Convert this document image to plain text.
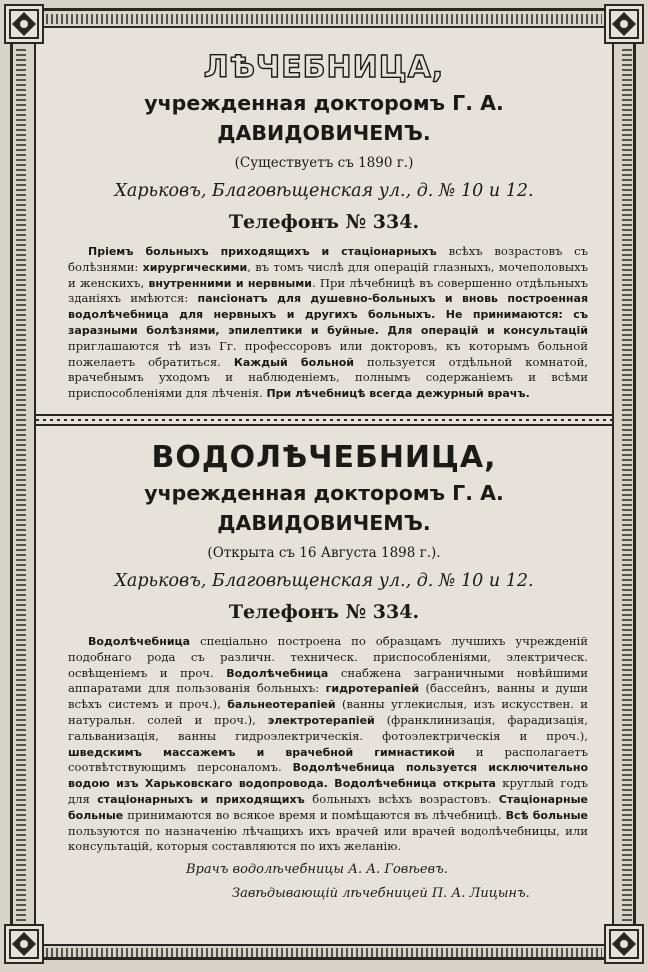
ЛѢЧЕБНИЦА,

учрежденная докторомъ Г. А. ДАВИДОВИЧЕМЪ.

(Существуетъ съ 1890 г.)

Харьковъ, Благовѣщенская ул., д. № 10 и 12.

Телефонъ № 334.

Пріемъ больныхъ приходящихъ и стаціонарныхъ всѣхъ возрастовъ съ болѣзнями: хирургическими, въ томъ числѣ для операцій глазныхъ, мочеполовыхъ и женскихъ, внутренними и нервными. При лѣчебницѣ въ совершенно отдѣльныхъ зданіяхъ имѣются: пансіонатъ для душевно-больныхъ и вновь построенная водолѣчебница для нервныхъ и другихъ больныхъ. Не принимаются: съ заразными болѣзнями, эпилептики и буйные. Для операцій и консультацій приглашаются тѣ изъ Гг. профессоровъ или докторовъ, къ которымъ больной пожелаетъ обратиться. Каждый больной пользуется отдѣльной комнатой, врачебнымъ уходомъ и наблюденіемъ, полнымъ содержаніемъ и всѣми приспособленіями для лѣченія. При лѣчебницѣ всегда дежурный врачъ.

ВОДОЛѢЧЕБНИЦА,

учрежденная докторомъ Г. А. ДАВИДОВИЧЕМЪ.

(Открыта съ 16 Августа 1898 г.).

Харьковъ, Благовѣщенская ул., д. № 10 и 12.

Телефонъ № 334.

Водолѣчебница спеціально построена по образцамъ лучшихъ учрежденій подобнаго рода съ различн. техническ. приспособленіями, электрическ. освѣщеніемъ и проч. Водолѣчебница снабжена заграничными новѣйшими аппаратами для пользованія больныхъ: гидротерапіей (бассейнъ, ванны и души всѣхъ системъ и проч.), бальнеотерапіей (ванны углекислыя, изъ искусствен. и натуральн. солей и проч.), электротерапіей (франклинизація, фарадизація, гальванизація, ванны гидроэлектрическія. фотоэлектрическія и проч.), шведскимъ массажемъ и врачебной гимнастикой и располагаетъ соотвѣтствующимъ персоналомъ. Водолѣчебница пользуется исключительно водою изъ Харьковскаго водопровода. Водолѣчебница открыта круглый годъ для стаціонарныхъ и приходящихъ больныхъ всѣхъ возрастовъ. Стаціонарные больные принимаются во всякое время и помѣщаются въ лѣчебницѣ. Всѣ больные пользуются по назначенію лѣчащихъ ихъ врачей или врачей водолѣчебницы, или консультацій, которыя составляются по ихъ желанію.

Врачъ водолѣчебницы А. А. Говѣевъ.

Завѣдывающій лѣчебницей П. А. Лицынъ.
